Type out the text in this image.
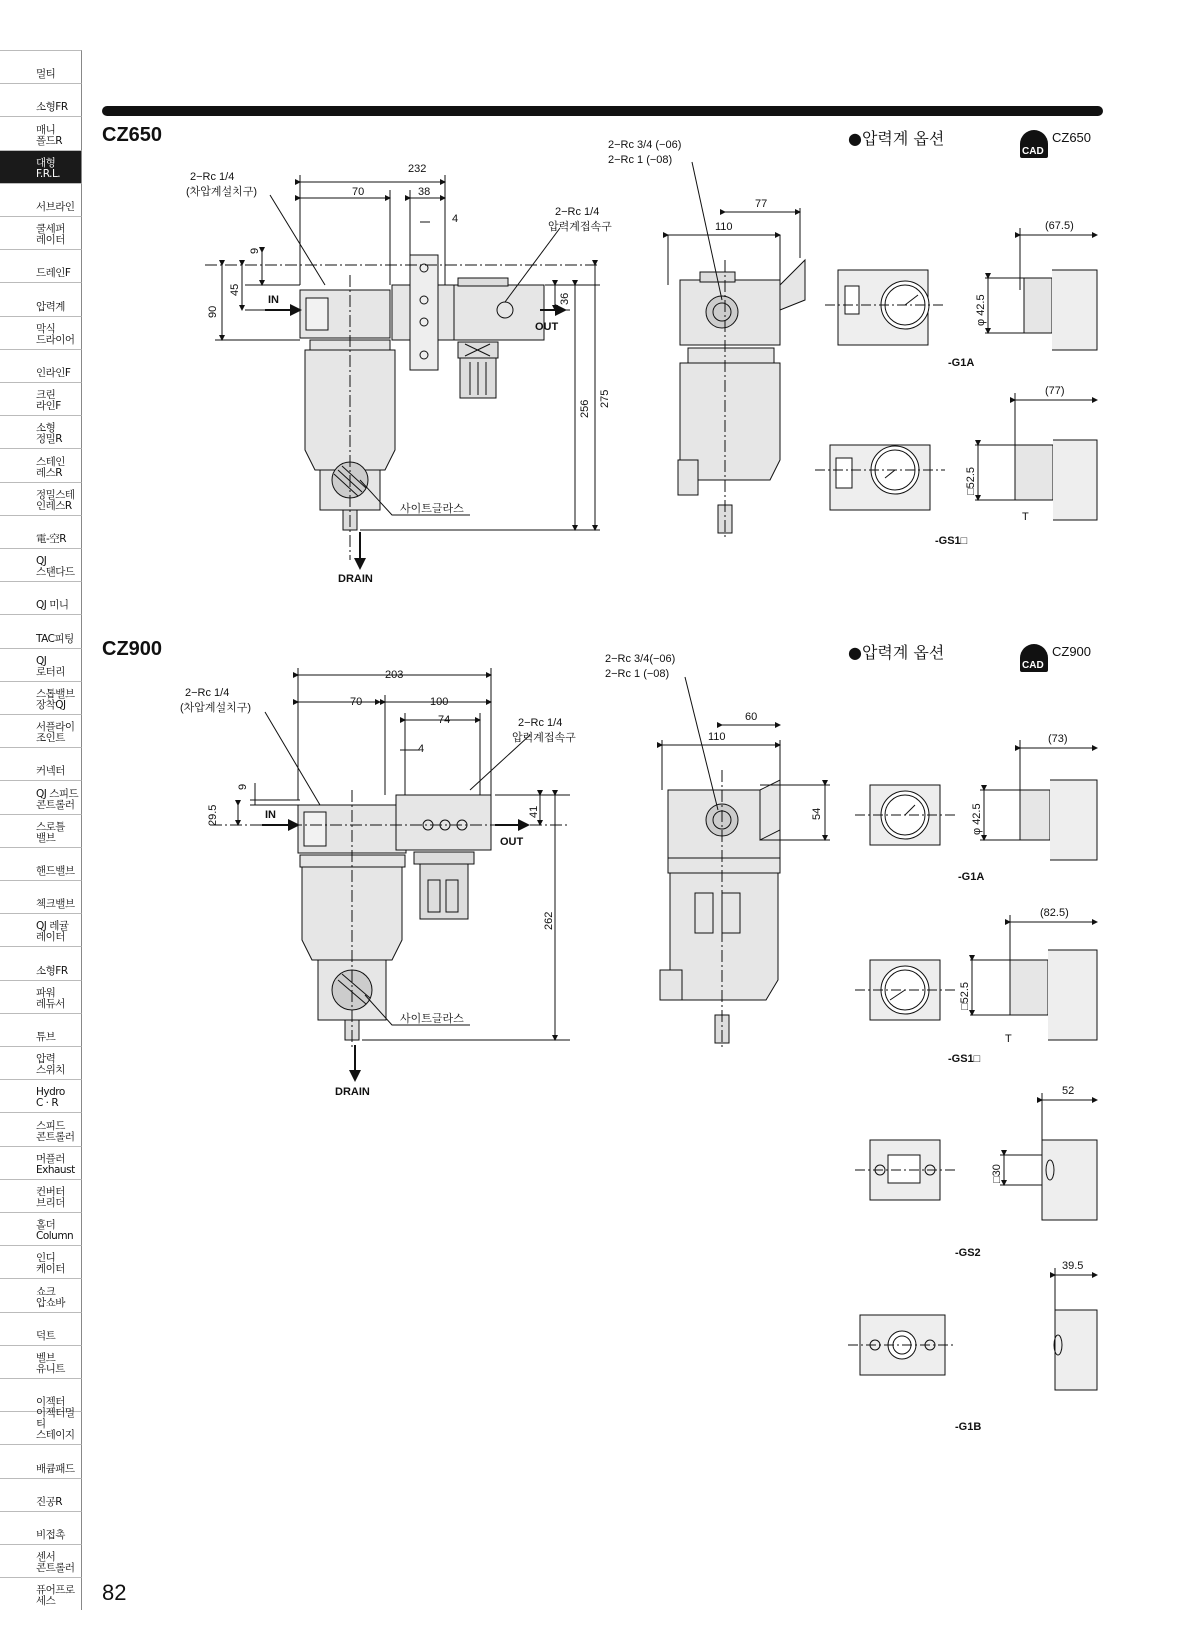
멀티
소형FR
매니
폴드R
대형
F.R.L.
서브라인
쿨세퍼
레이터
드레인F
압력계
막식
드라이어
인라인F
크린
라인F
소형
정밀R
스테인
레스R
정밀스테
인레스R
電-空R
QJ
스탠다드
QJ 미니
TAC피팅
QJ
로터리
스톱밸브
장착QJ
서플라이
조인트
커넥터
QJ 스피드
콘트롤러
스로틀
밸브
핸드밸브
첵크밸브
QJ 레귤
레이터
소형FR
파워
레듀서
튜브
압력
스위치
Hydro
C · R
스피드
콘트롤러
머플러
Exhaust
컨버터
브리더
홀더
Column
인디
케이터
쇼크
압쇼바
덕트
벨브
유니트
이젝터
이젝터멀티
스테이지
배큠패드
진공R
비접촉
센서
콘트롤러
퓨어프로
세스	82
CZ650
CZ900
●압력계 옵션
●압력계 옵션
CAD
CZ650
CAD
CZ900
2−Rc 1/4
(차압계설치구)
2−Rc 1/4
압력계접속구
2−Rc 3/4 (−06)
2−Rc 1 (−08)
IN
OUT
DRAIN
사이트글라스
232
70	38
4
9
45
90
36
256
275
77
110
-G1A
(67.5)
φ 42.5
-GS1□
(77)
□52.5
T
2−Rc 1/4
(차압계설치구)
2−Rc 1/4
압력계접속구
2−Rc 3/4(−06)
2−Rc 1 (−08)
IN
OUT
DRAIN
사이트글라스
203
70	100
74
4
9
29.5	41
262
60
110
54
-G1A
(73)
φ 42.5
-GS1□
(82.5)
□52.5
T
-GS2
52
□30
-G1B
39.5
